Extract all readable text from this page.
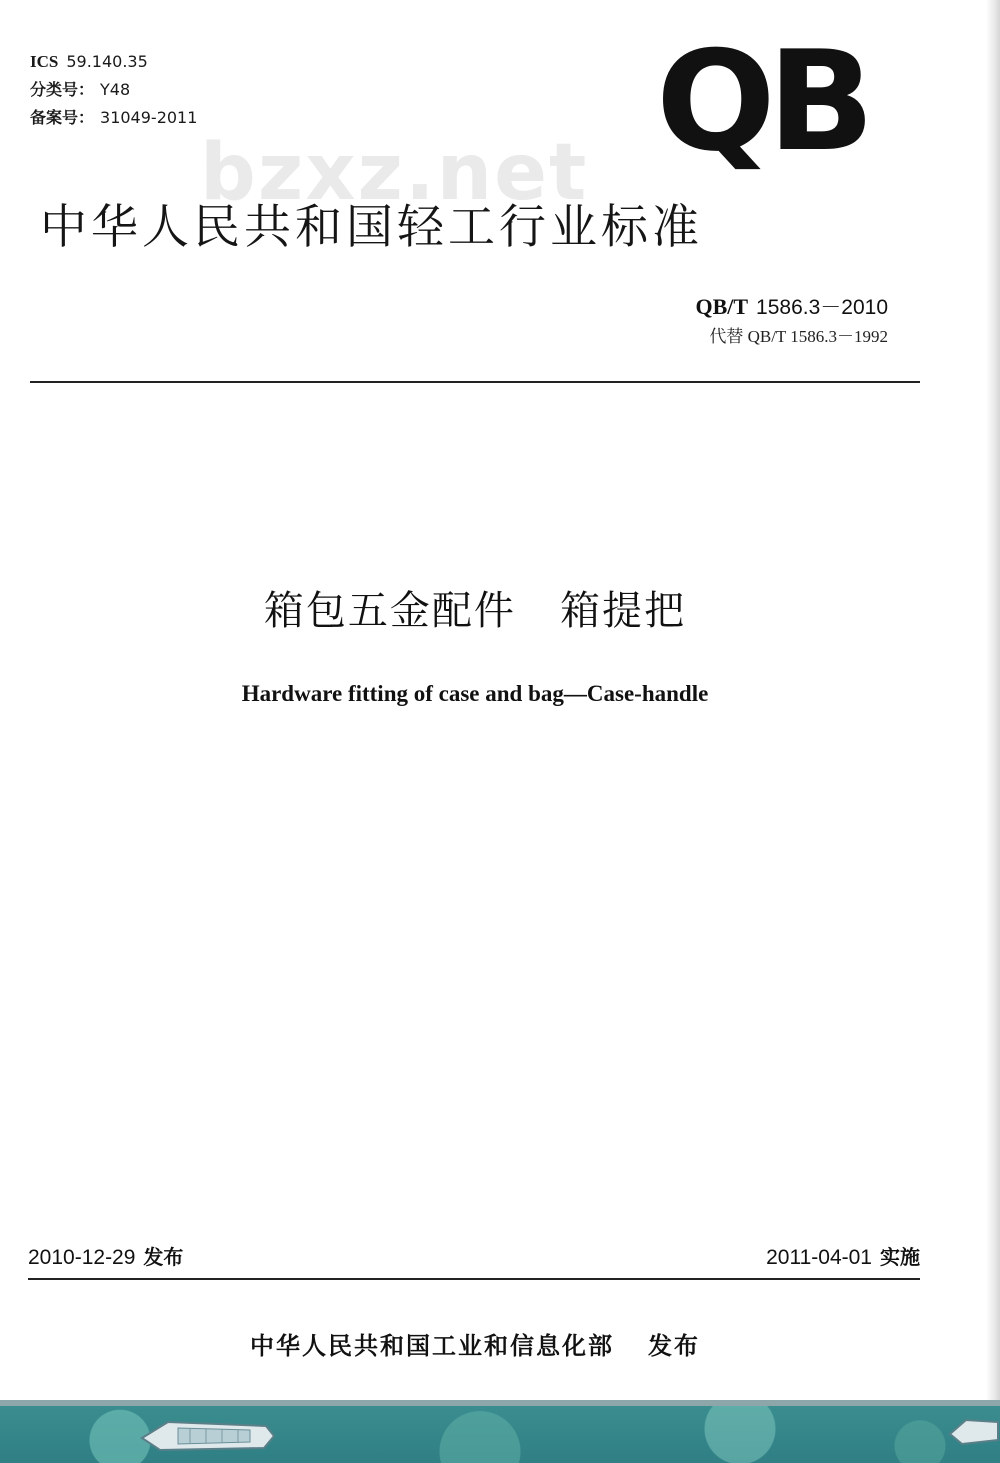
ICS 59.140.35
分类号： Y48
备案号： 31049-2011	QB
bzxz.net
中华人民共和国轻工行业标准
QB/T 1586.3－2010
代替 QB/T 1586.3－1992
箱包五金配件   箱提把
Hardware fitting of case and bag—Case-handle
2010-12-29 发布	2011-04-01 实施
中华人民共和国工业和信息化部 发布
